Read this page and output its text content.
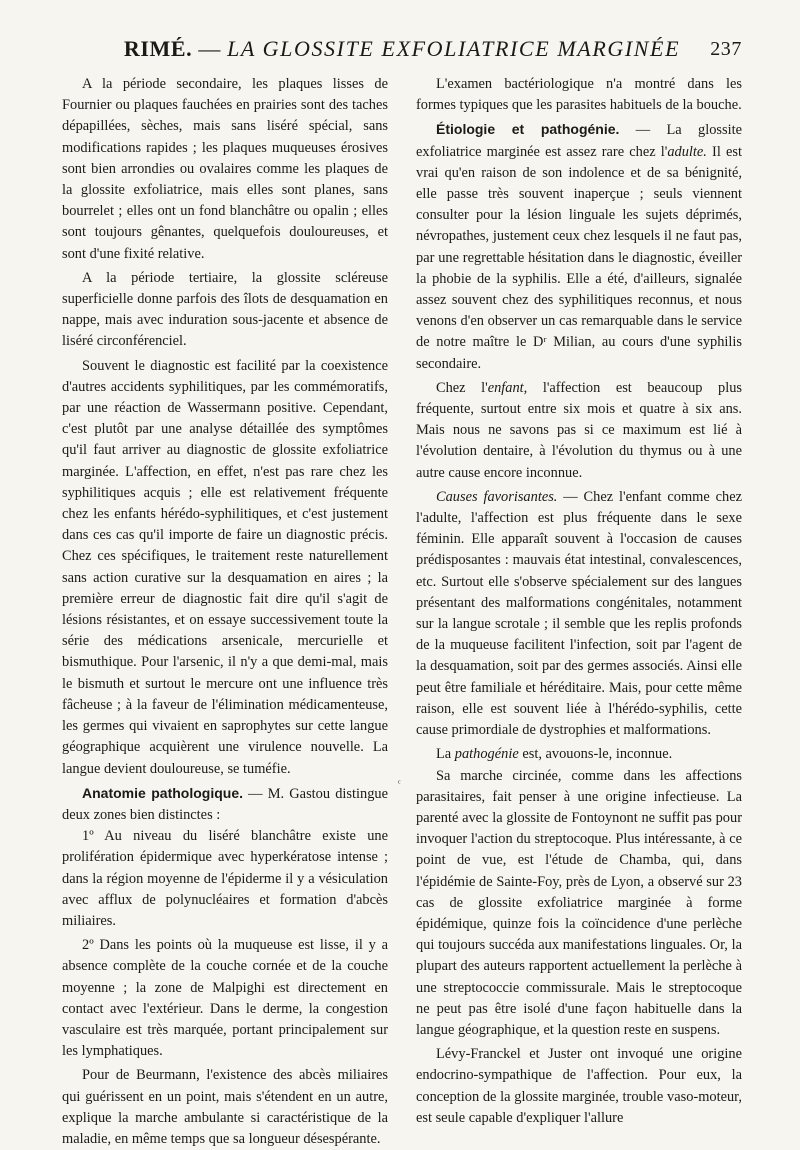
RIMÉ. — LA GLOSSITE EXFOLIATRICE MARGINÉE 237

A la période secondaire, les plaques lisses de Fournier ou plaques fauchées en prairies sont des taches dépapillées, sèches, mais sans liséré spécial, sans modifications rapides ; les plaques muqueuses érosives sont bien arrondies ou ovalaires comme les plaques de la glossite exfoliatrice, mais elles sont planes, sans bourrelet ; elles ont un fond blanchâtre ou opalin ; elles sont toujours gênantes, quelquefois douloureuses, et sont d'une fixité relative.

A la période tertiaire, la glossite scléreuse superficielle donne parfois des îlots de desquamation en nappe, mais avec induration sous-jacente et absence de liséré circonférenciel.

Souvent le diagnostic est facilité par la coexistence d'autres accidents syphilitiques, par les commémoratifs, par une réaction de Wassermann positive. Cependant, c'est plutôt par une analyse détaillée des symptômes qu'il faut arriver au diagnostic de glossite exfoliatrice marginée. L'affection, en effet, n'est pas rare chez les syphilitiques acquis ; elle est relativement fréquente chez les enfants hérédo-syphilitiques, et c'est justement dans ces cas qu'il importe de faire un diagnostic précis. Chez ces spécifiques, le traitement reste naturellement sans action curative sur la desquamation en aires ; la première erreur de diagnostic fait dire qu'il s'agit de lésions résistantes, et on essaye successivement toute la série des médications arsenicale, mercurielle et bismuthique. Pour l'arsenic, il n'y a que demi-mal, mais le bismuth et surtout le mercure ont une influence très fâcheuse ; à la faveur de l'élimination médicamenteuse, les germes qui vivaient en saprophytes sur cette langue géographique acquièrent une virulence nouvelle. La langue devient douloureuse, se tuméfie.

Anatomie pathologique. — M. Gastou distingue deux zones bien distinctes :

1º Au niveau du liséré blanchâtre existe une prolifération épidermique avec hyperkératose intense ; dans la région moyenne de l'épiderme il y a vésiculation avec afflux de polynucléaires et formation d'abcès miliaires.

2º Dans les points où la muqueuse est lisse, il y a absence complète de la couche cornée et de la couche moyenne ; la zone de Malpighi est directement en contact avec l'extérieur. Dans le derme, la congestion vasculaire est très marquée, portant principalement sur les lymphatiques.

Pour de Beurmann, l'existence des abcès miliaires qui guérissent en un point, mais s'étendent en un autre, explique la marche ambulante si caractéristique de la maladie, en même temps que sa longueur désespérante.

L'examen bactériologique n'a montré dans les formes typiques que les parasites habituels de la bouche.

Étiologie et pathogénie. — La glossite exfoliatrice marginée est assez rare chez l'adulte. Il est vrai qu'en raison de son indolence et de sa bénignité, elle passe très souvent inaperçue ; seuls viennent consulter pour la lésion linguale les sujets déprimés, névropathes, justement ceux chez lesquels il ne faut pas, par une regrettable hésitation dans le diagnostic, éveiller la phobie de la syphilis. Elle a été, d'ailleurs, signalée assez souvent chez des syphilitiques reconnus, et nous venons d'en observer un cas remarquable dans le service de notre maître le Dʳ Milian, au cours d'une syphilis secondaire.

Chez l'enfant, l'affection est beaucoup plus fréquente, surtout entre six mois et quatre à six ans. Mais nous ne savons pas si ce maximum est lié à l'évolution dentaire, à l'évolution du thymus ou à une autre cause encore inconnue.

Causes favorisantes. — Chez l'enfant comme chez l'adulte, l'affection est plus fréquente dans le sexe féminin. Elle apparaît souvent à l'occasion de causes prédisposantes : mauvais état intestinal, convalescences, etc. Surtout elle s'observe spécialement sur des langues présentant des malformations congénitales, notamment sur la langue scrotale ; il semble que les replis profonds de la muqueuse facilitent l'infection, soit par l'agent de la desquamation, soit par des germes associés. Ainsi elle peut être familiale et héréditaire. Mais, pour cette même raison, elle est souvent liée à l'hérédo-syphilis, cette cause primordiale de dystrophies et malformations.

La pathogénie est, avouons-le, inconnue.

Sa marche circinée, comme dans les affections parasitaires, fait penser à une origine infectieuse. La parenté avec la glossite de Fontoynont ne suffit pas pour invoquer l'action du streptocoque. Plus intéressante, à ce point de vue, est l'étude de Chamba, qui, dans l'épidémie de Sainte-Foy, près de Lyon, a observé sur 23 cas de glossite exfoliatrice marginée à forme épidémique, quinze fois la coïncidence d'une perlèche qui toujours succéda aux manifestations linguales. Or, la plupart des auteurs rapportent actuellement la perlèche à une streptococcie commissurale. Mais le streptocoque ne peut pas être isolé d'une façon habituelle dans la langue géographique, et la question reste en suspens.

Lévy-Franckel et Juster ont invoqué une origine endocrino-sympathique de l'affection. Pour eux, la conception de la glossite marginée, trouble vaso-moteur, est seule capable d'expliquer l'allure

ᶜ
